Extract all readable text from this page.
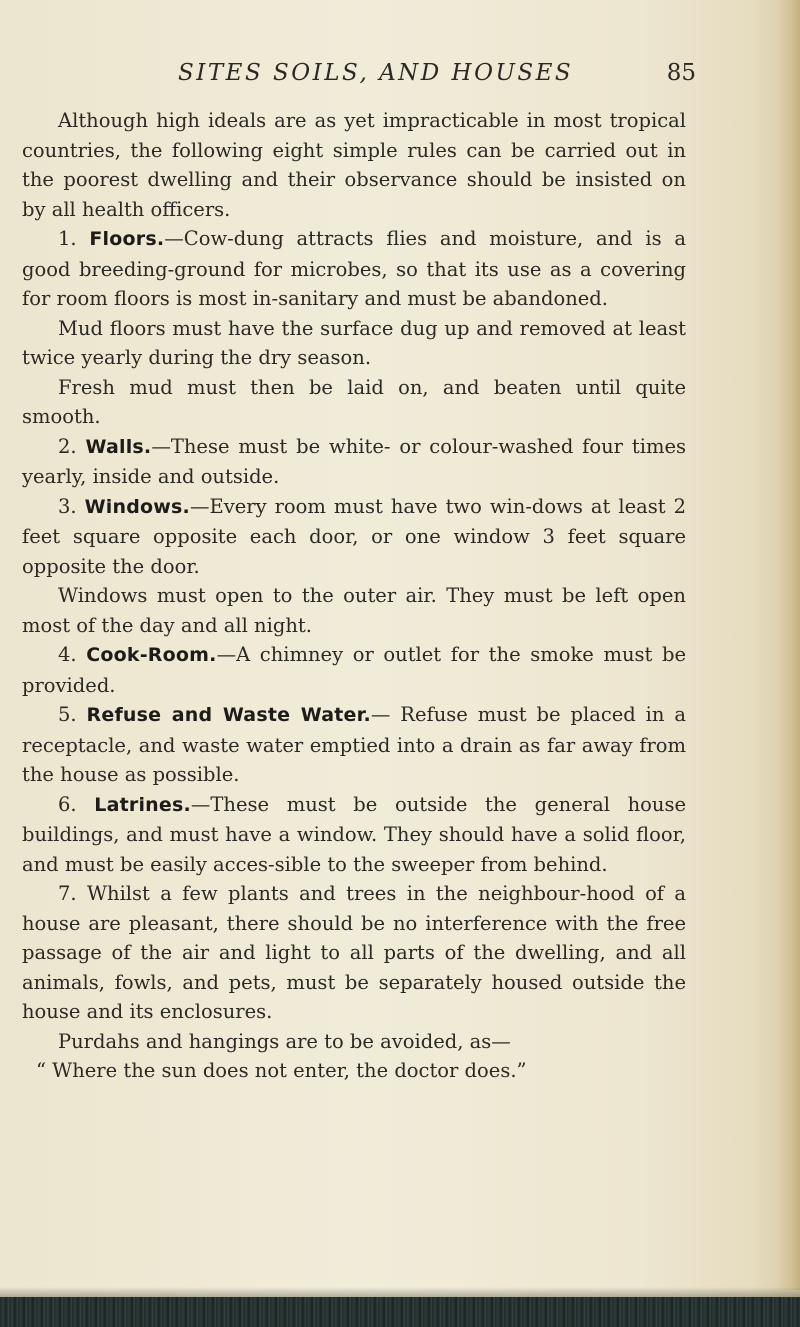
SITES SOILS, AND HOUSES	85

Although high ideals are as yet impracticable in most tropical countries, the following eight simple rules can be carried out in the poorest dwelling and their observance should be insisted on by all health officers.

1. Floors.—Cow-dung attracts flies and moisture, and is a good breeding-ground for microbes, so that its use as a covering for room floors is most in-sanitary and must be abandoned.

Mud floors must have the surface dug up and removed at least twice yearly during the dry season.

Fresh mud must then be laid on, and beaten until quite smooth.

2. Walls.—These must be white- or colour-washed four times yearly, inside and outside.

3. Windows.—Every room must have two win-dows at least 2 feet square opposite each door, or one window 3 feet square opposite the door.

Windows must open to the outer air. They must be left open most of the day and all night.

4. Cook-Room.—A chimney or outlet for the smoke must be provided.

5. Refuse and Waste Water.— Refuse must be placed in a receptacle, and waste water emptied into a drain as far away from the house as possible.

6. Latrines.—These must be outside the general house buildings, and must have a window. They should have a solid floor, and must be easily acces-sible to the sweeper from behind.

7. Whilst a few plants and trees in the neighbour-hood of a house are pleasant, there should be no interference with the free passage of the air and light to all parts of the dwelling, and all animals, fowls, and pets, must be separately housed outside the house and its enclosures.

Purdahs and hangings are to be avoided, as—

“ Where the sun does not enter, the doctor does.”
